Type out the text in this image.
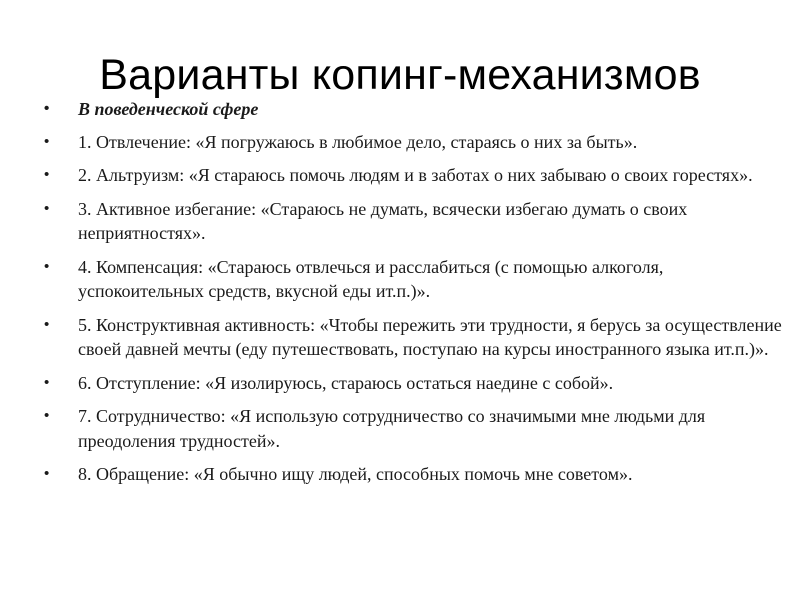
Варианты копинг-механизмов
•	В поведенческой сфере
•	1. Отвлечение: «Я погружаюсь в любимое дело, стараясь о них за быть».
•	2. Альтруизм: «Я стараюсь помочь людям и в заботах о них забываю о своих горестях».
•	3. Активное избегание: «Стараюсь не думать, всячески избегаю думать о своих неприятностях».
•	4. Компенсация: «Стараюсь отвлечься и расслабиться (с помощью алкоголя, успокоительных средств, вкусной еды ит.п.)».
•	5. Конструктивная активность: «Чтобы пережить эти трудности, я берусь за осуществление своей давней мечты (еду путешествовать, поступаю на курсы иностранного языка ит.п.)».
•	6. Отступление: «Я изолируюсь, стараюсь остаться наедине с собой».
•	7. Сотрудничество: «Я использую сотрудничество со значимыми мне людьми для преодоления трудностей».
•	8. Обращение: «Я обычно ищу людей, способных помочь мне советом».
